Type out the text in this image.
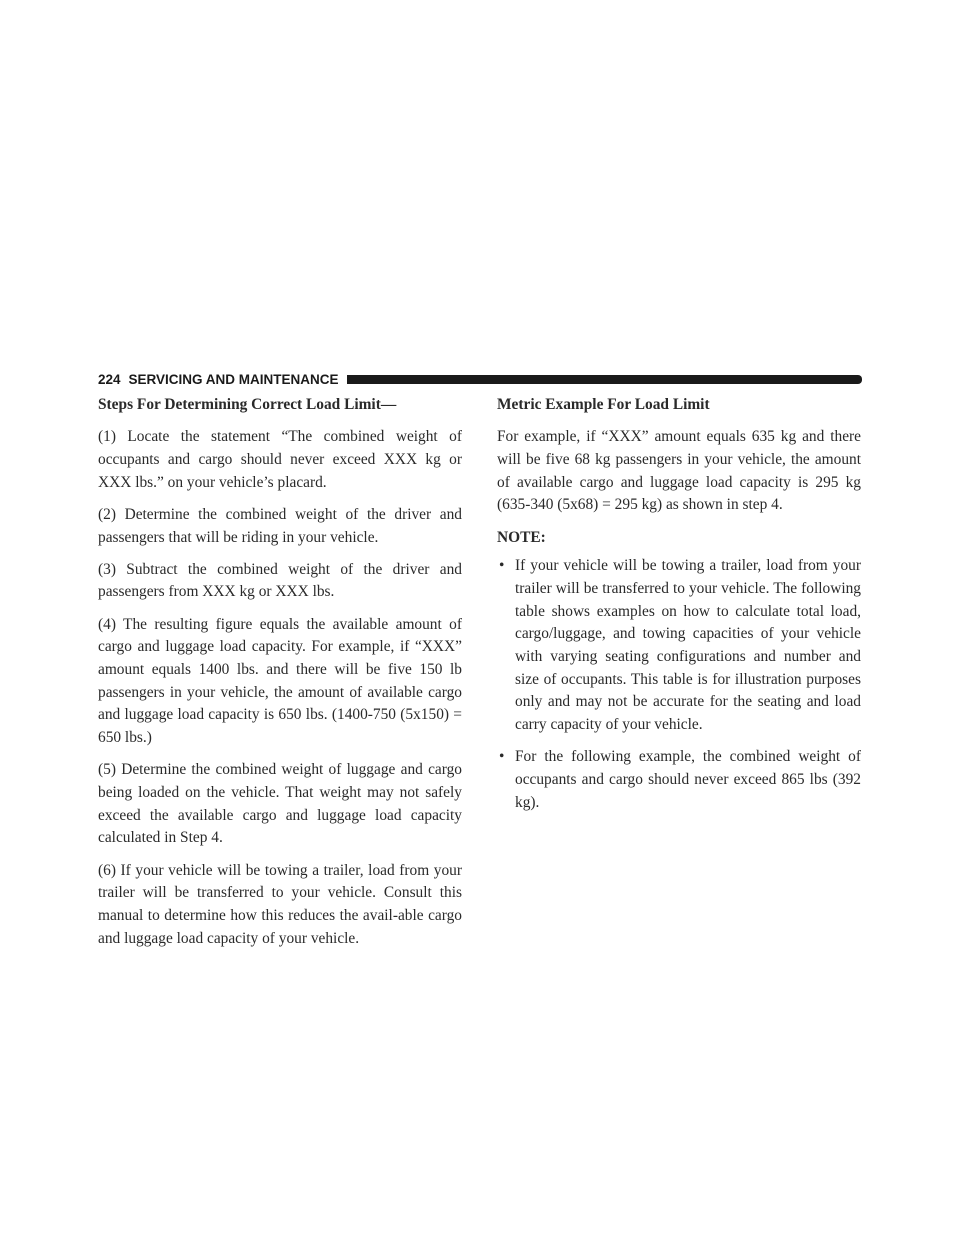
224 SERVICING AND MAINTENANCE

Steps For Determining Correct Load Limit—

(1) Locate the statement “The combined weight of occupants and cargo should never exceed XXX kg or XXX lbs.” on your vehicle’s placard.

(2) Determine the combined weight of the driver and passengers that will be riding in your vehicle.

(3) Subtract the combined weight of the driver and passengers from XXX kg or XXX lbs.

(4) The resulting figure equals the available amount of cargo and luggage load capacity. For example, if “XXX” amount equals 1400 lbs. and there will be five 150 lb passengers in your vehicle, the amount of available cargo and luggage load capacity is 650 lbs. (1400-750 (5x150) = 650 lbs.)

(5) Determine the combined weight of luggage and cargo being loaded on the vehicle. That weight may not safely exceed the available cargo and luggage load capacity calculated in Step 4.

(6) If your vehicle will be towing a trailer, load from your trailer will be transferred to your vehicle. Consult this manual to determine how this reduces the avail-able cargo and luggage load capacity of your vehicle.

Metric Example For Load Limit

For example, if “XXX” amount equals 635 kg and there will be five 68 kg passengers in your vehicle, the amount of available cargo and luggage load capacity is 295 kg (635-340 (5x68) = 295 kg) as shown in step 4.

NOTE:

• If your vehicle will be towing a trailer, load from your trailer will be transferred to your vehicle. The following table shows examples on how to calculate total load, cargo/luggage, and towing capacities of your vehicle with varying seating configurations and number and size of occupants. This table is for illustration purposes only and may not be accurate for the seating and load carry capacity of your vehicle.
• For the following example, the combined weight of occupants and cargo should never exceed 865 lbs (392 kg).
